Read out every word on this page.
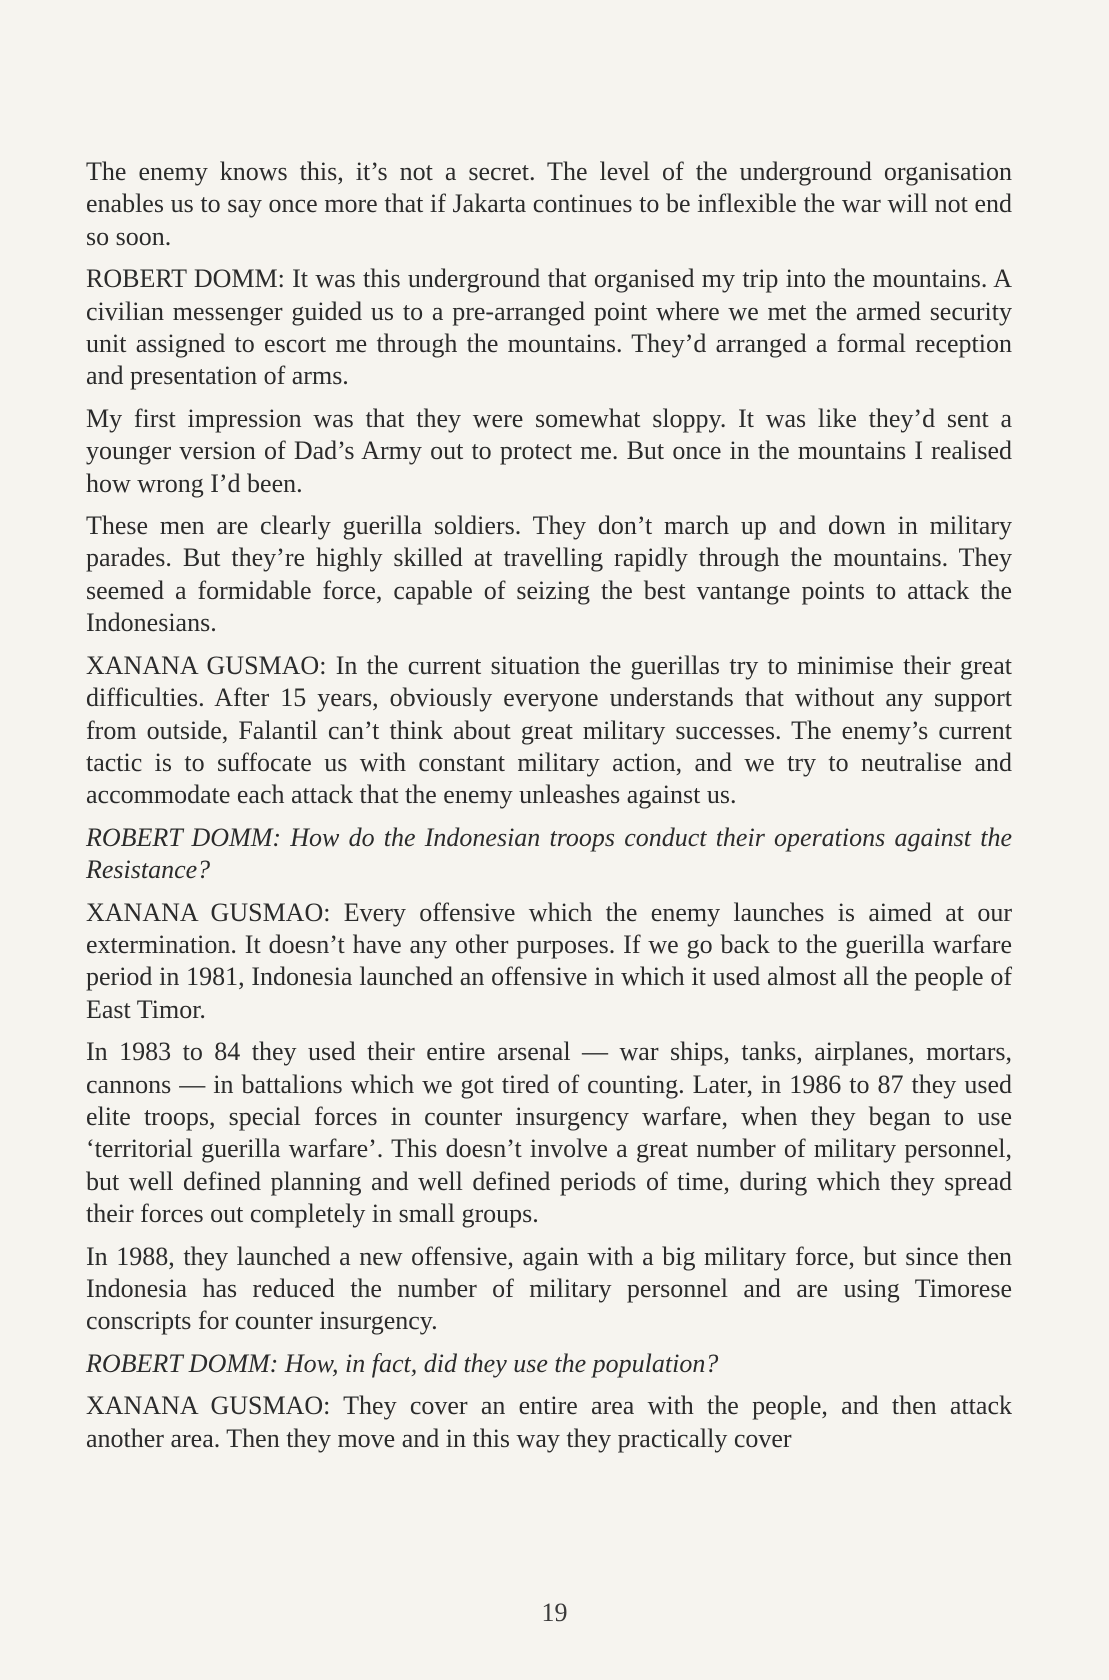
The enemy knows this, it’s not a secret. The level of the underground organisation enables us to say once more that if Jakarta continues to be inflexible the war will not end so soon.

ROBERT DOMM: It was this underground that organised my trip into the mountains. A civilian messenger guided us to a pre-arranged point where we met the armed security unit assigned to escort me through the mountains. They’d arranged a formal reception and presentation of arms.

My first impression was that they were somewhat sloppy. It was like they’d sent a younger version of Dad’s Army out to protect me. But once in the mountains I realised how wrong I’d been.

These men are clearly guerilla soldiers. They don’t march up and down in military parades. But they’re highly skilled at travelling rapidly through the mountains. They seemed a formidable force, capable of seizing the best vantange points to attack the Indonesians.

XANANA GUSMAO: In the current situation the guerillas try to minimise their great difficulties. After 15 years, obviously everyone understands that without any support from outside, Falantil can’t think about great military successes. The enemy’s current tactic is to suffocate us with constant military action, and we try to neutralise and accommodate each attack that the enemy unleashes against us.

ROBERT DOMM: How do the Indonesian troops conduct their operations against the Resistance?

XANANA GUSMAO: Every offensive which the enemy launches is aimed at our extermination. It doesn’t have any other purposes. If we go back to the guerilla warfare period in 1981, Indonesia launched an offensive in which it used almost all the people of East Timor.

In 1983 to 84 they used their entire arsenal — war ships, tanks, airplanes, mortars, cannons — in battalions which we got tired of counting. Later, in 1986 to 87 they used elite troops, special forces in counter insurgency warfare, when they began to use ‘territorial guerilla warfare’. This doesn’t involve a great number of military personnel, but well defined planning and well defined periods of time, during which they spread their forces out completely in small groups.

In 1988, they launched a new offensive, again with a big military force, but since then Indonesia has reduced the number of military personnel and are using Timorese conscripts for counter insurgency.

ROBERT DOMM: How, in fact, did they use the population?

XANANA GUSMAO: They cover an entire area with the people, and then attack another area. Then they move and in this way they practically cover

19
